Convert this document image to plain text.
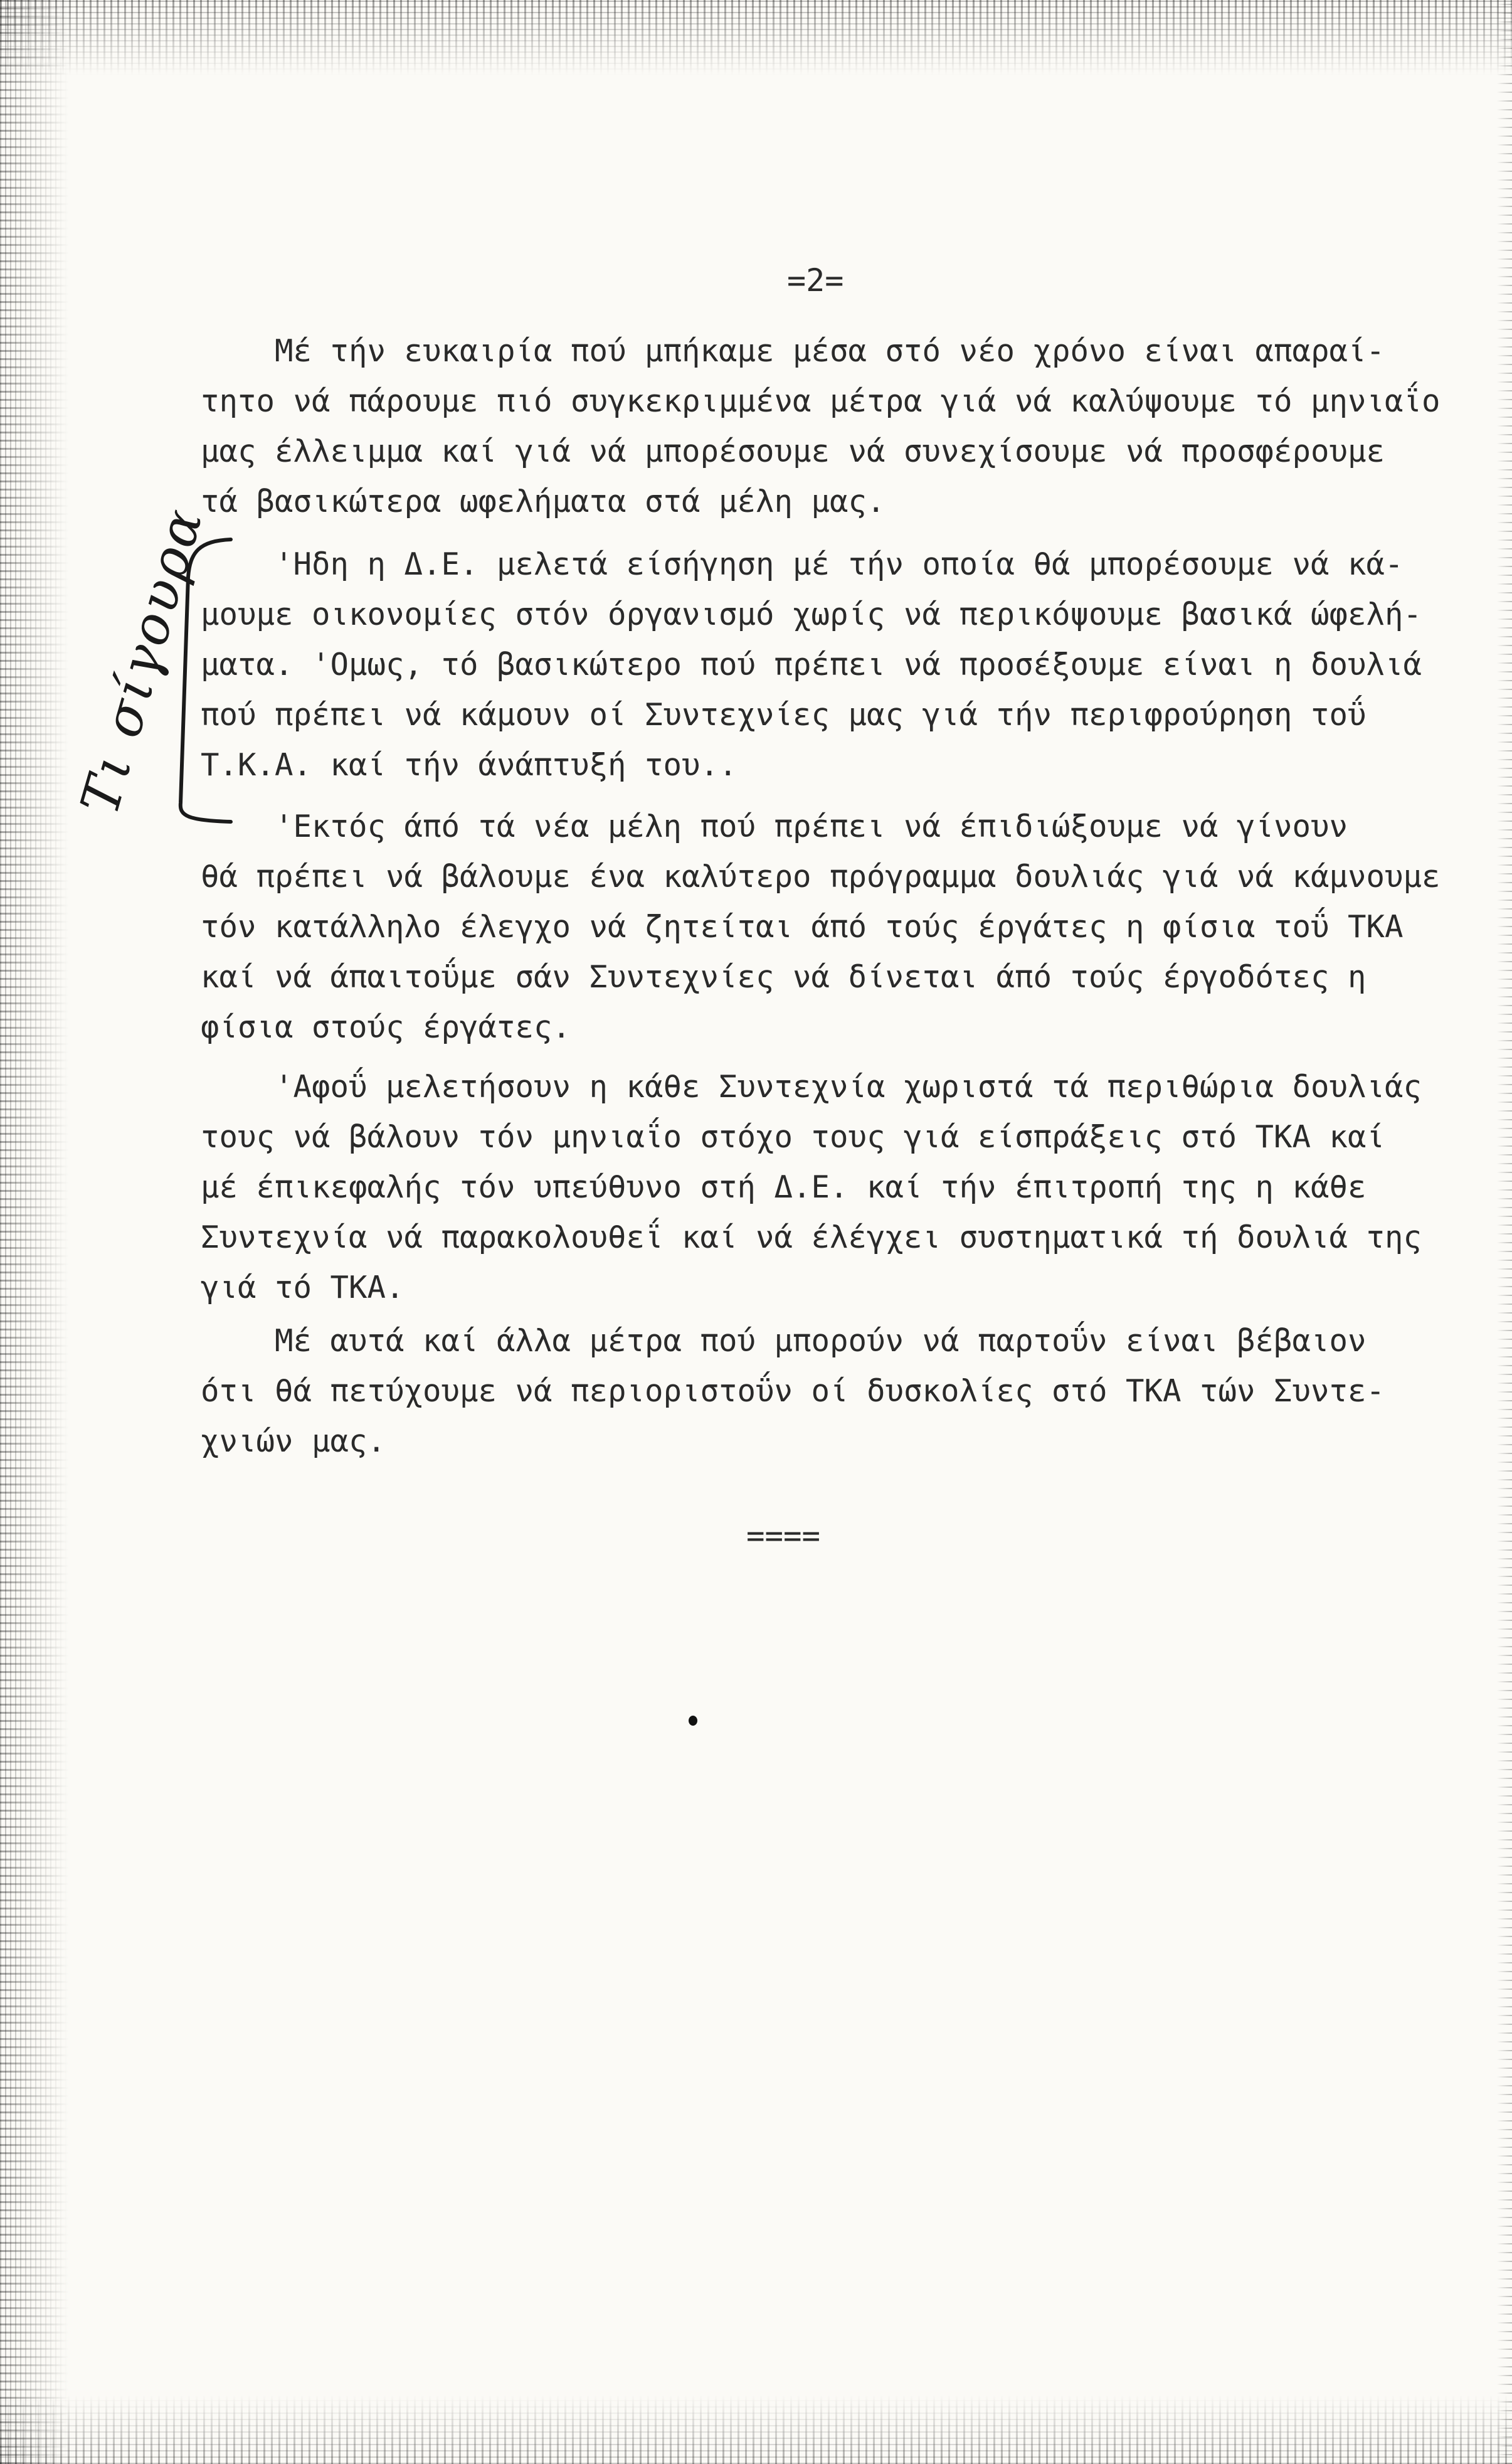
=2=

Τι σίγουρα
Μέ τήν ευκαιρία πού μπήκαμε μέσα στό νέο χρόνο είναι απαραί-
τητο νά πάρουμε πιό συγκεκριμμένα μέτρα γιά νά καλύψουμε τό μηνιαΐο
μας έλλειμμα καί γιά νά μπορέσουμε νά συνεχίσουμε νά προσφέρουμε
τά βασικώτερα ωφελήματα στά μέλη μας.
'Ηδη η Δ.Ε. μελετά είσήγηση μέ τήν οποία θά μπορέσουμε νά κά-
μουμε οικονομίες στόν όργανισμό χωρίς νά περικόψουμε βασικά ώφελή-
ματα. 'Ομως, τό βασικώτερο πού πρέπει νά προσέξουμε είναι η δουλιά
πού πρέπει νά κάμουν οί Συντεχνίες μας γιά τήν περιφρούρηση τοΰ
Τ.Κ.Α. καί τήν άνάπτυξή του..
'Εκτός άπό τά νέα μέλη πού πρέπει νά έπιδιώξουμε νά γίνουν
θά πρέπει νά βάλουμε ένα καλύτερο πρόγραμμα δουλιάς γιά νά κάμνουμε
τόν κατάλληλο έλεγχο νά ζητείται άπό τούς έργάτες η φίσια τοΰ ΤΚΑ
καί νά άπαιτοΰμε σάν Συντεχνίες νά δίνεται άπό τούς έργοδότες η
φίσια στούς έργάτες.
'Αφοΰ μελετήσουν η κάθε Συντεχνία χωριστά τά περιθώρια δουλιάς
τους νά βάλουν τόν μηνιαΐο στόχο τους γιά είσπράξεις στό ΤΚΑ καί
μέ έπικεφαλής τόν υπεύθυνο στή Δ.Ε. καί τήν έπιτροπή της η κάθε
Συντεχνία νά παρακολουθεΐ καί νά έλέγχει συστηματικά τή δουλιά της
γιά τό ΤΚΑ.
Μέ αυτά καί άλλα μέτρα πού μπορούν νά παρτοΰν είναι βέβαιον
ότι θά πετύχουμε νά περιοριστοΰν οί δυσκολίες στό ΤΚΑ τών Συντε-
χνιών μας.

====
